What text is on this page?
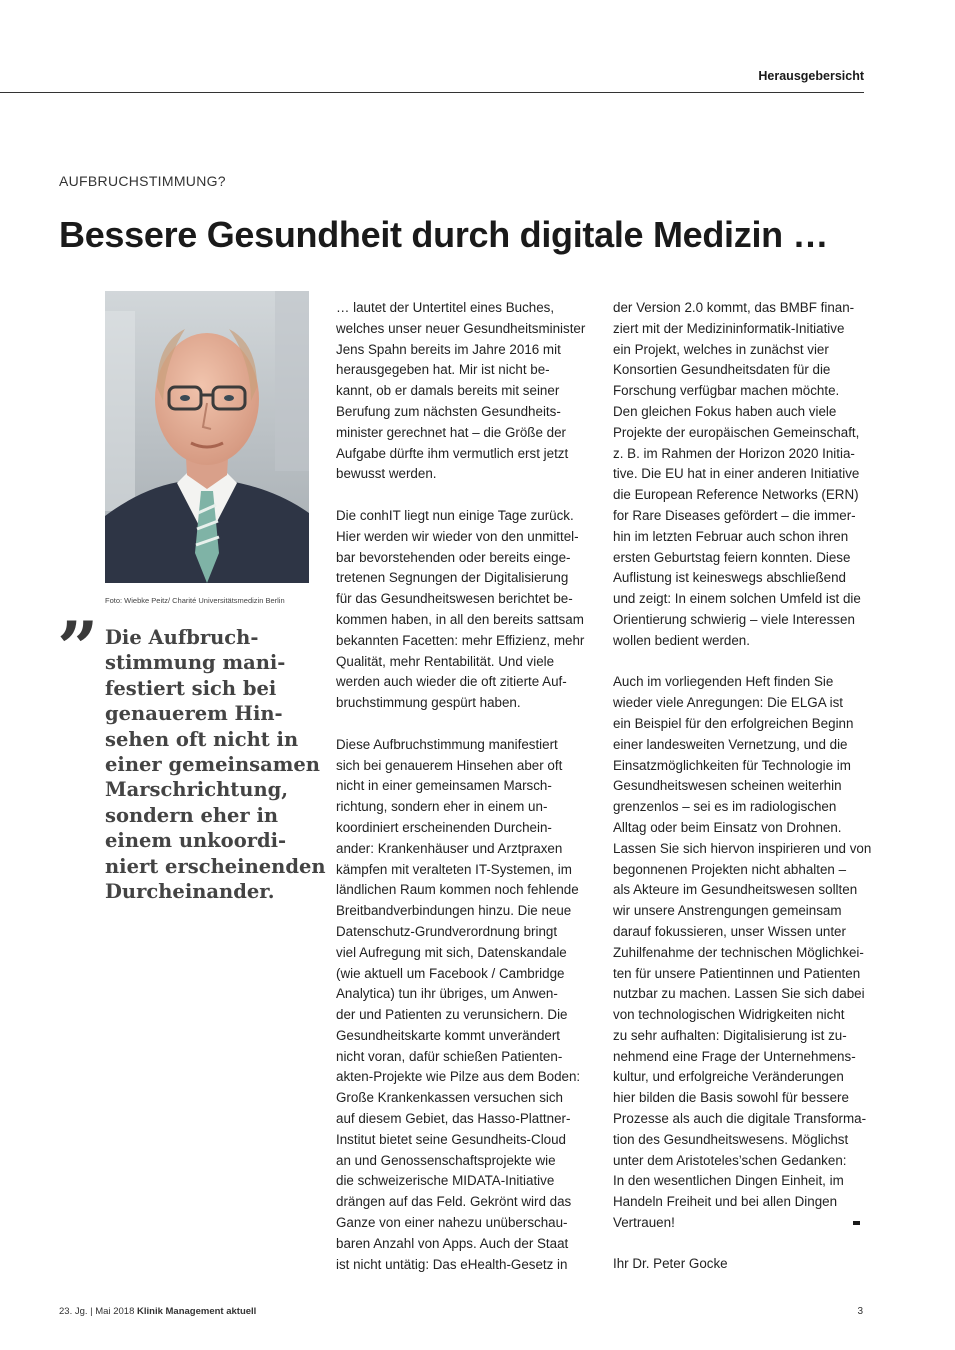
Herausgebersicht
AUFBRUCHSTIMMUNG?
Bessere Gesundheit durch digitale Medizin …
Foto: Wiebke Peitz/ Charité Universitätsmedizin Berlin
” Die Aufbruch-
stimmung mani-
festiert sich bei
genauerem Hin-
sehen oft nicht in
einer gemeinsamen
Marschrichtung,
sondern eher in
einem unkoordi-
niert erscheinenden
Durcheinander.

… lautet der Untertitel eines Buches,
welches unser neuer Gesundheitsminister
Jens Spahn bereits im Jahre 2016 mit
herausgegeben hat. Mir ist nicht be-
kannt, ob er damals bereits mit seiner
Berufung zum nächsten Gesundheits-
minister gerechnet hat – die Größe der
Aufgabe dürfte ihm vermutlich erst jetzt
bewusst werden.

Die conhIT liegt nun einige Tage zurück.
Hier werden wir wieder von den unmittel-
bar bevorstehenden oder bereits einge-
tretenen Segnungen der Digitalisierung
für das Gesundheitswesen berichtet be-
kommen haben, in all den bereits sattsam
bekannten Facetten: mehr Effizienz, mehr
Qualität, mehr Rentabilität. Und viele
werden auch wieder die oft zitierte Auf-
bruchstimmung gespürt haben.

Diese Aufbruchstimmung manifestiert
sich bei genauerem Hinsehen aber oft
nicht in einer gemeinsamen Marsch-
richtung, sondern eher in einem un-
koordiniert erscheinenden Durchein-
ander: Krankenhäuser und Arztpraxen
kämpfen mit veralteten IT-Systemen, im
ländlichen Raum kommen noch fehlende
Breitbandverbindungen hinzu. Die neue
Datenschutz-Grundverordnung bringt
viel Aufregung mit sich, Datenskandale
(wie aktuell um Facebook / Cambridge
Analytica) tun ihr übriges, um Anwen-
der und Patienten zu verunsichern. Die
Gesundheitskarte kommt unverändert
nicht voran, dafür schießen Patienten-
akten-Projekte wie Pilze aus dem Boden:
Große Krankenkassen versuchen sich
auf diesem Gebiet, das Hasso-Plattner-
Institut bietet seine Gesundheits-Cloud
an und Genossenschaftsprojekte wie
die schweizerische MIDATA-Initiative
drängen auf das Feld. Gekrönt wird das
Ganze von einer nahezu unüberschau-
baren Anzahl von Apps. Auch der Staat
ist nicht untätig: Das eHealth-Gesetz in

der Version 2.0 kommt, das BMBF finan-
ziert mit der Medizininformatik-Initiative
ein Projekt, welches in zunächst vier
Konsortien Gesundheitsdaten für die
Forschung verfügbar machen möchte.
Den gleichen Fokus haben auch viele
Projekte der europäischen Gemeinschaft,
z. B. im Rahmen der Horizon 2020 Initia-
tive. Die EU hat in einer anderen Initiative
die European Reference Networks (ERN)
for Rare Diseases gefördert – die immer-
hin im letzten Februar auch schon ihren
ersten Geburtstag feiern konnten. Diese
Auflistung ist keineswegs abschließend
und zeigt: In einem solchen Umfeld ist die
Orientierung schwierig – viele Interessen
wollen bedient werden.

Auch im vorliegenden Heft finden Sie
wieder viele Anregungen: Die ELGA ist
ein Beispiel für den erfolgreichen Beginn
einer landesweiten Vernetzung, und die
Einsatzmöglichkeiten für Technologie im
Gesundheitswesen scheinen weiterhin
grenzenlos – sei es im radiologischen
Alltag oder beim Einsatz von Drohnen.
Lassen Sie sich hiervon inspirieren und von
begonnenen Projekten nicht abhalten –
als Akteure im Gesundheitswesen sollten
wir unsere Anstrengungen gemeinsam
darauf fokussieren, unser Wissen unter
Zuhilfenahme der technischen Möglichkei-
ten für unsere Patientinnen und Patienten
nutzbar zu machen. Lassen Sie sich dabei
von technologischen Widrigkeiten nicht
zu sehr aufhalten: Digitalisierung ist zu-
nehmend eine Frage der Unternehmens-
kultur, und erfolgreiche Veränderungen
hier bilden die Basis sowohl für bessere
Prozesse als auch die digitale Transforma-
tion des Gesundheitswesens. Möglichst
unter dem Aristoteles’schen Gedanken:
In den wesentlichen Dingen Einheit, im
Handeln Freiheit und bei allen Dingen
Vertrauen!

Ihr Dr. Peter Gocke
23. Jg. | Mai 2018 Klinik Management aktuell	3
